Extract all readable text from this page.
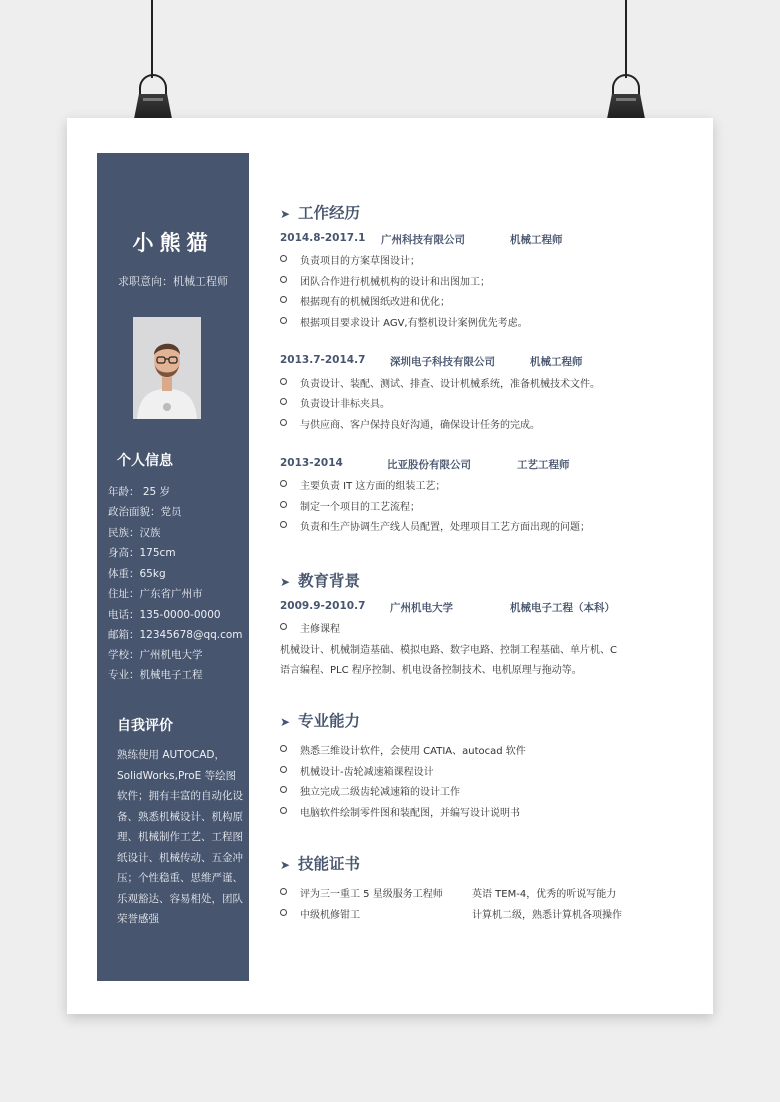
小熊猫
求职意向：机械工程师
个人信息
年龄： 25 岁
政治面貌：党员
民族：汉族
身高：175cm
体重：65kg
住址：广东省广州市
电话：135-0000-0000
邮箱：12345678@qq.com
学校：广州机电大学
专业：机械电子工程
自我评价
熟练使用 AUTOCAD，SolidWorks,ProE 等绘图软件；拥有丰富的自动化设备、熟悉机械设计、机构原理、机械制作工艺、工程图纸设计、机械传动、五金冲压；个性稳重、思维严谨、乐观豁达、容易相处，团队荣誉感强
➤ 工作经历
2014.8-2017.1 广州科技有限公司	机械工程师
负责项目的方案草图设计；
团队合作进行机械机构的设计和出图加工；
根据现有的机械图纸改进和优化；
根据项目要求设计 AGV,有整机设计案例优先考虑。
2013.7-2014.7 深圳电子科技有限公司	机械工程师
负责设计、装配、测试、排查、设计机械系统，准备机械技术文件。
负责设计非标夹具。
与供应商、客户保持良好沟通，确保设计任务的完成。
2013-2014	比亚股份有限公司	工艺工程师
主要负责 IT 这方面的组装工艺；
制定一个项目的工艺流程；
负责和生产协调生产线人员配置，处理项目工艺方面出现的问题；
➤ 教育背景
2009.9-2010.7 广州机电大学	机械电子工程（本科）
主修课程
机械设计、机械制造基础、模拟电路、数字电路、控制工程基础、单片机、C
语言编程、PLC 程序控制、机电设备控制技术、电机原理与拖动等。
➤ 专业能力
熟悉三维设计软件，会使用 CATIA、autocad 软件
机械设计-齿轮减速箱课程设计
独立完成二级齿轮减速箱的设计工作
电脑软件绘制零件图和装配图，并编写设计说明书
➤ 技能证书
评为三一重工 5 星级服务工程师	英语 TEM-4，优秀的听说写能力
中级机修钳工	计算机二级，熟悉计算机各项操作
